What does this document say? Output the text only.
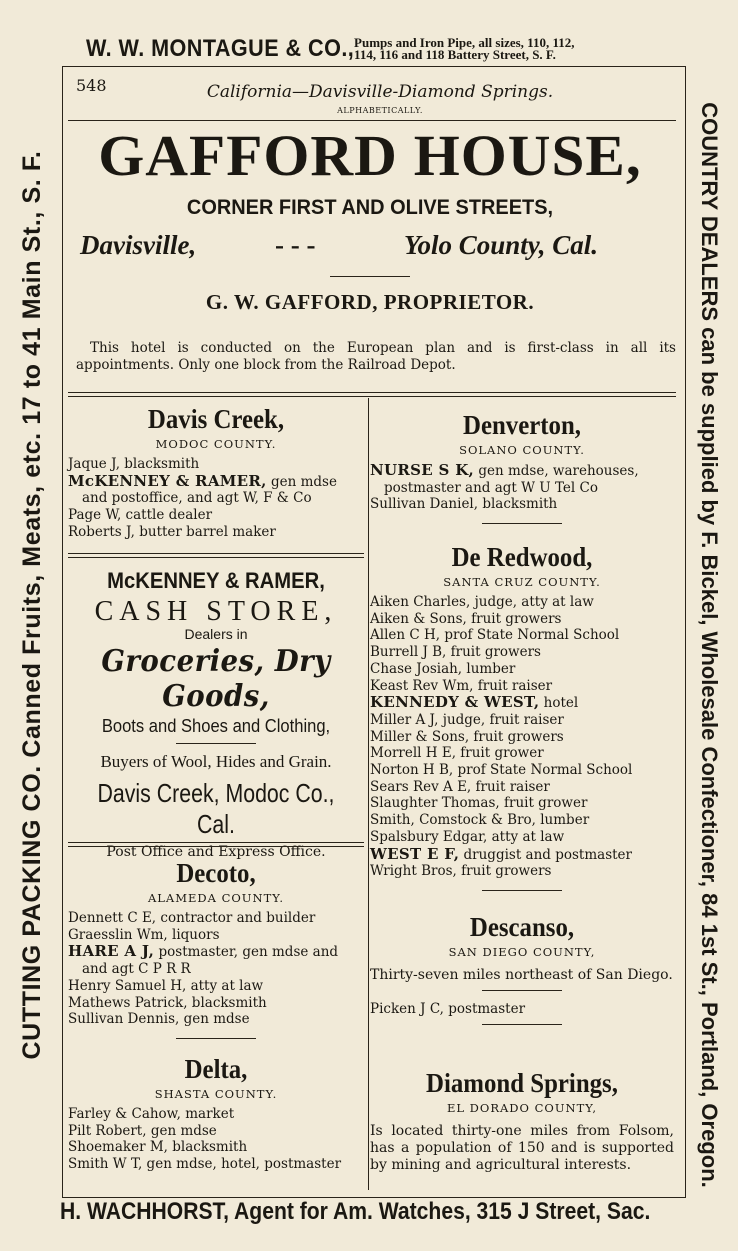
W. W. MONTAGUE & CO., Pumps and Iron Pipe, all sizes, 110, 112,
114, 116 and 118 Battery Street, S. F.
CUTTING PACKING CO. Canned Fruits, Meats, etc. 17 to 41 Main St., S. F.	COUNTRY DEALERS can be supplied by F. Bickel, Wholesale Confectioner, 84 1st St., Portland, Oregon.
H. WACHHORST, Agent for Am. Watches, 315 J Street, Sac.
548	California—Davisville-Diamond Springs.
ALPHABETICALLY.
GAFFORD HOUSE,
CORNER FIRST AND OLIVE STREETS,
Davisville,	- - -	Yolo County, Cal.
G. W. GAFFORD, PROPRIETOR.
This hotel is conducted on the European plan and is first-class in all its appointments. Only one block from the Railroad Depot.
Davis Creek,
MODOC COUNTY.
Jaque J, blacksmith
McKENNEY & RAMER, gen mdse and postoffice, and agt W, F & Co
Page W, cattle dealer
Roberts J, butter barrel maker
McKENNEY & RAMER,
CASH STORE,
Dealers in
Groceries, Dry Goods,
Boots and Shoes and Clothing,
Buyers of Wool, Hides and Grain.
Davis Creek, Modoc Co., Cal.
Post Office and Express Office.
Decoto,
ALAMEDA COUNTY.
Dennett C E, contractor and builder
Graesslin Wm, liquors
HARE A J, postmaster, gen mdse and and agt C P R R
Henry Samuel H, atty at law
Mathews Patrick, blacksmith
Sullivan Dennis, gen mdse
Delta,
SHASTA COUNTY.
Farley & Cahow, market
Pilt Robert, gen mdse
Shoemaker M, blacksmith
Smith W T, gen mdse, hotel, postmaster
Denverton,
SOLANO COUNTY.
NURSE S K, gen mdse, warehouses, postmaster and agt W U Tel Co
Sullivan Daniel, blacksmith
De Redwood,
SANTA CRUZ COUNTY.
Aiken Charles, judge, atty at law
Aiken & Sons, fruit growers
Allen C H, prof State Normal School
Burrell J B, fruit growers
Chase Josiah, lumber
Keast Rev Wm, fruit raiser
KENNEDY & WEST, hotel
Miller A J, judge, fruit raiser
Miller & Sons, fruit growers
Morrell H E, fruit grower
Norton H B, prof State Normal School
Sears Rev A E, fruit raiser
Slaughter Thomas, fruit grower
Smith, Comstock & Bro, lumber
Spalsbury Edgar, atty at law
WEST E F, druggist and postmaster
Wright Bros, fruit growers
Descanso,
SAN DIEGO COUNTY,
Thirty-seven miles northeast of San Diego.
Picken J C, postmaster
Diamond Springs,
EL DORADO COUNTY,
Is located thirty-one miles from Folsom, has a population of 150 and is supported by mining and agricultural interests.
